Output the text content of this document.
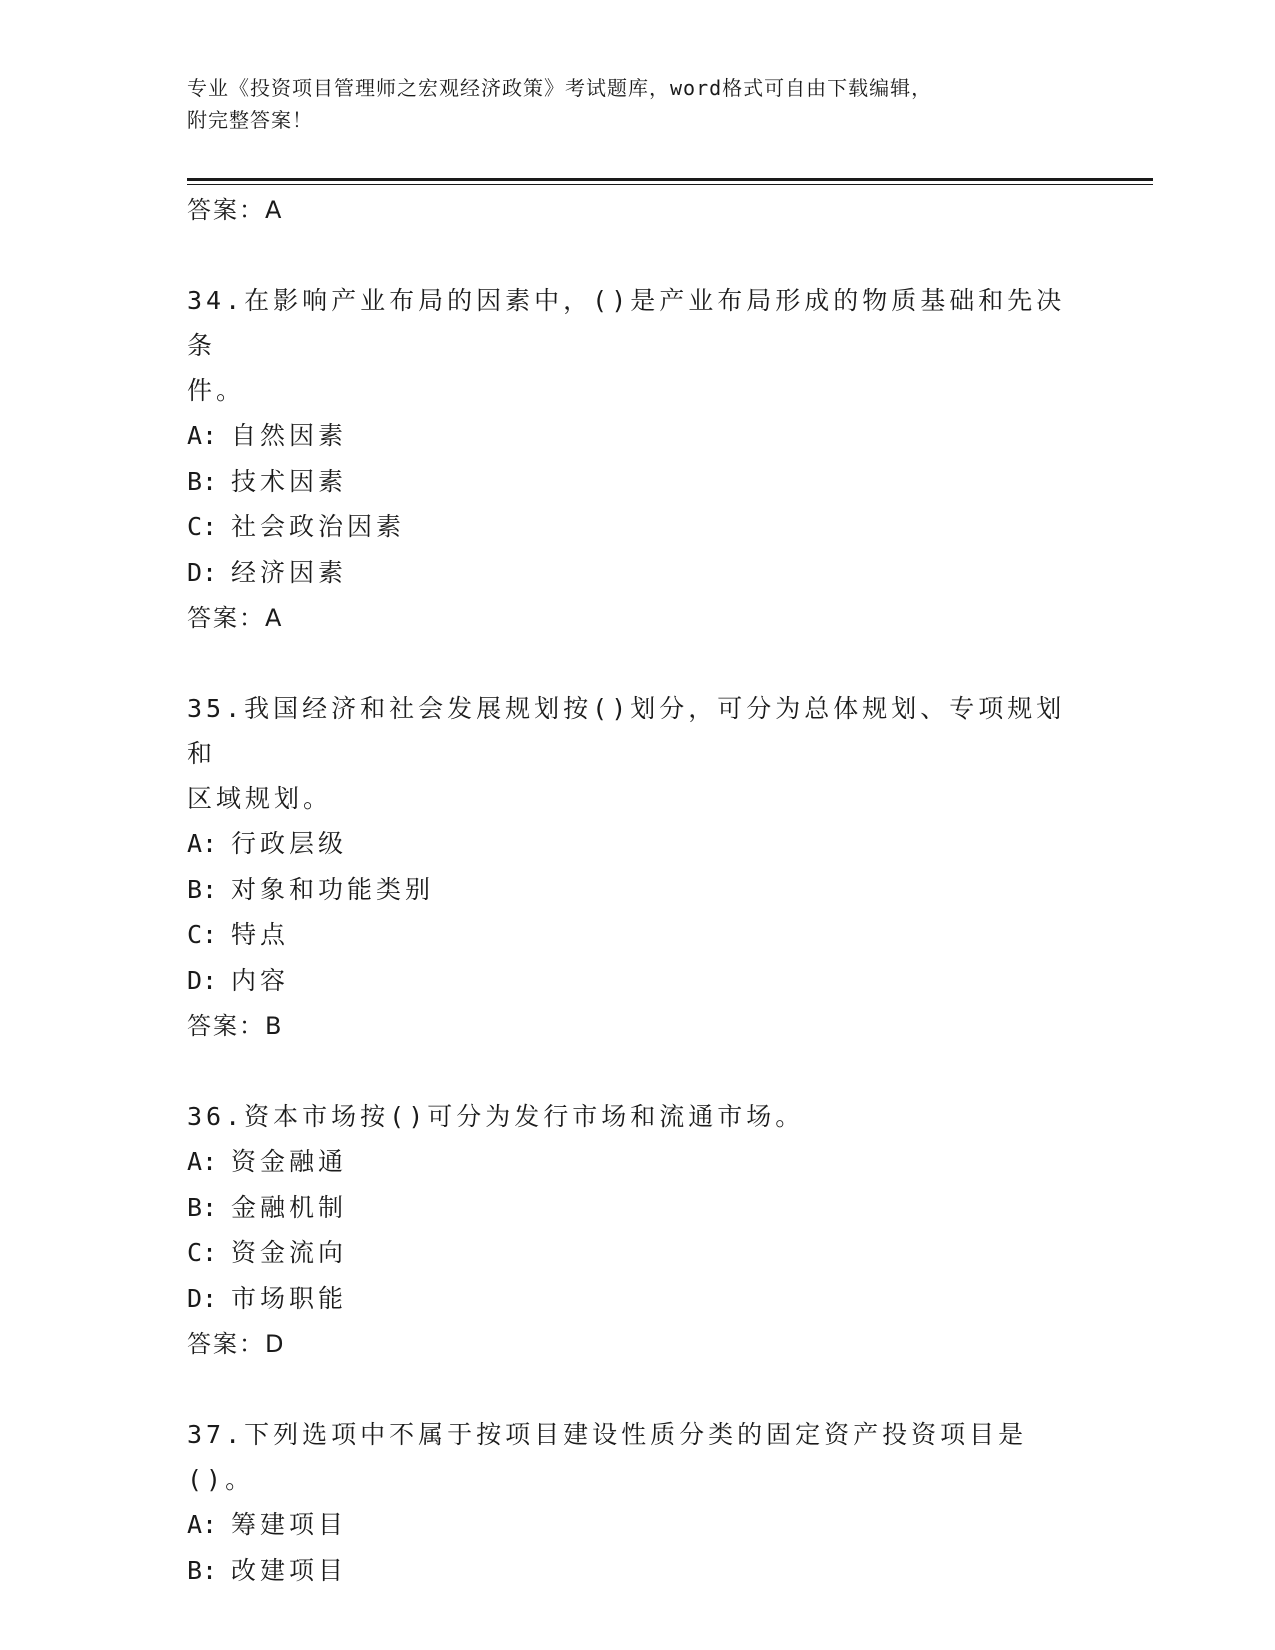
专业《投资项目管理师之宏观经济政策》考试题库，word格式可自由下载编辑，
附完整答案！
答案：A
34.在影响产业布局的因素中，()是产业布局形成的物质基础和先决条
件。
A: 自然因素
B: 技术因素
C: 社会政治因素
D: 经济因素
答案：A
35.我国经济和社会发展规划按()划分，可分为总体规划、专项规划和
区域规划。
A: 行政层级
B: 对象和功能类别
C: 特点
D: 内容
答案：B
36.资本市场按()可分为发行市场和流通市场。
A: 资金融通
B: 金融机制
C: 资金流向
D: 市场职能
答案：D
37.下列选项中不属于按项目建设性质分类的固定资产投资项目是()。
A: 筹建项目
B: 改建项目
